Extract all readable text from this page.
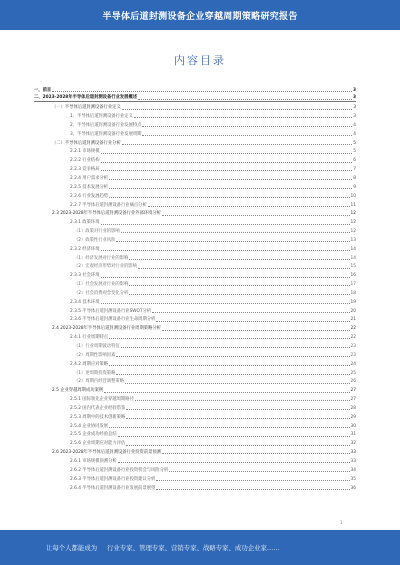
半导体后道封测设备企业穿越周期策略研究报告
内容目录
一、前言	3
二、2023-2028年半导体后道封测设备行业发展概述	3
（一）半导体后道封测设备行业定义	3
1、半导体后道封测设备行业定义	3
2、半导体后道封测设备行业发展特点	4
3、半导体后道封测设备行业发展周期	4
（二）半导体后道封测设备行业分析	5
2.2.1 市场规模	5
2.2.2 行业结构	6
2.2.3 竞争格局	7
2.2.4 用户需求分析	8
2.2.5 技术发展分析	9
2.2.6 行业发展趋势	10
2.2.7 半导体后道封测设备行业痛点分析	11
2.3 2023-2028年半导体后道封测设备行业外部环境分析	12
2.3.1 政策环境	12
（1）政策对行业的影响	12
（2）政策性行业风险	13
2.3.2 经济环境	14
（1）经济发展对行业的影响	14
（2）宏观经济形势对行业的影响	15
2.3.3 社会环境	16
（1）社会发展对行业的影响	17
（2）社会消费观念变化分析	18
2.3.4 技术环境	19
2.3.5 半导体后道封测设备行业SWOT分析	20
2.3.6 半导体后道封测设备行业生命周期分析	21
2.4 2023-2028年半导体后道封测设备行业周期策略分析	22
2.4.1 行业周期特点	22
（1）行业周期波动特征	23
（2）周期性影响因素	23
2.4.2 周期应对策略	24
（1）逆周期投资策略	25
（2）周期内经营调整策略	26
2.5 企业穿越周期成功案例	27
2.5.1 国际领先企业穿越周期路径	27
2.5.2 国内代表企业经验借鉴	28
2.5.3 周期中的技术创新策略	29
2.5.4 企业协同发展	30
2.5.5 企业成功经验总结	31
2.5.6 企业周期应对能力评估	32
2.6 2023-2028年半导体后道封测设备行业投资前景预测	33
2.6.1 市场规模预测分析	33
2.6.2 半导体后道封测设备行业投资机会与风险分析	34
2.6.3 半导体后道封测设备行业投资建议分析	35
2.6.4 半导体后道封测设备行业发展前景展望	36
1
让每个人都能成为 行业专家、管理专家、营销专家、战略专家、成功企业家……
